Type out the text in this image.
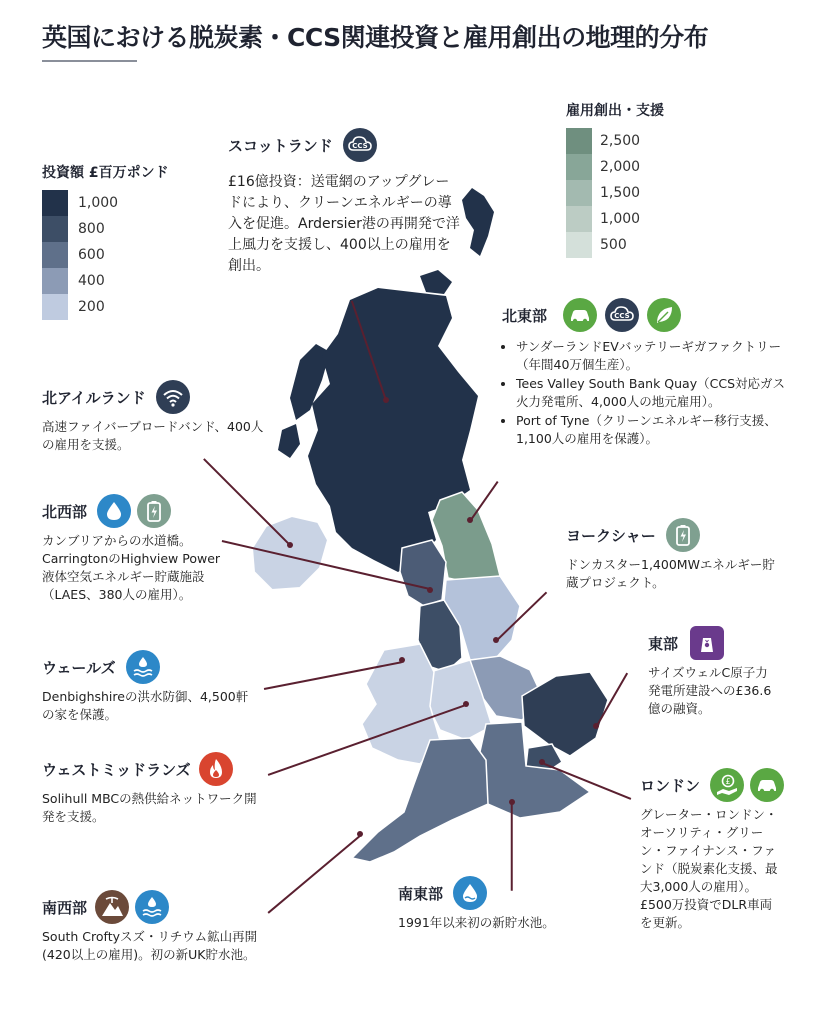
英国における脱炭素・CCS関連投資と雇用創出の地理的分布
投資額 £百万ポンド
1,000
800
600
400
200
雇用創出・支援
2,500
2,000
1,500
1,000
500
スコットランド	CCS
£16億投資：送電網のアップグレードにより、クリーンエネルギーの導入を促進。Ardersier港の再開発で洋上風力を支援し、400以上の雇用を創出。
北東部	CCS
• サンダーランドEVバッテリーギガファクトリー（年間40万個生産）。
• Tees Valley South Bank Quay（CCS対応ガス火力発電所、4,000人の地元雇用）。
• Port of Tyne（クリーンエネルギー移行支援、1,100人の雇用を保護）。
北アイルランド
高速ファイバーブロードバンド、400人の雇用を支援。
北西部
カンブリアからの水道橋。CarringtonのHighview Power液体空気エネルギー貯蔵施設（LAES、380人の雇用）。
ヨークシャー
ドンカスター1,400MWエネルギー貯蔵プロジェクト。
ウェールズ
Denbighshireの洪水防御、4,500軒の家を保護。
東部
サイズウェルC原子力発電所建設への£36.6億の融資。
ウェストミッドランズ
Solihull MBCの熱供給ネットワーク開発を支援。
ロンドン	£
グレーター・ロンドン・オーソリティ・グリーン・ファイナンス・ファンド（脱炭素化支援、最大3,000人の雇用）。£500万投資でDLR車両を更新。
南東部
1991年以来初の新貯水池。
南西部
South Croftyスズ・リチウム鉱山再開 (420以上の雇用)。初の新UK貯水池。
